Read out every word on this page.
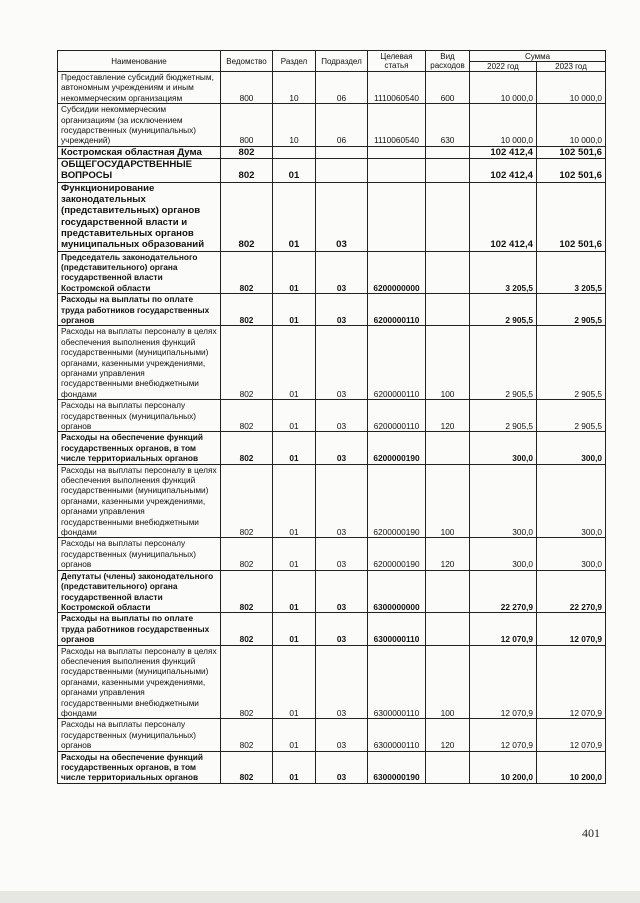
Наименование	Ведомство	Раздел	Подраздел	Целевая статья	Вид расходов	Сумма	
						2022 год	2023 год
Предоставление субсидий бюджетным, автономным учреждениям и иным некоммерческим организациям	800	10	06	1110060540	600	10 000,0	10 000,0
Субсидии некоммерческим организациям (за исключением государственных (муниципальных) учреждений)	800	10	06	1110060540	630	10 000,0	10 000,0
Костромская областная Дума	802					102 412,4	102 501,6
ОБЩЕГОСУДАРСТВЕННЫЕ ВОПРОСЫ	802	01				102 412,4	102 501,6
Функционирование законодательных (представительных) органов государственной власти и представительных органов муниципальных образований	802	01	03			102 412,4	102 501,6
Председатель законодательного (представительного) органа государственной власти Костромской области	802	01	03	6200000000		3 205,5	3 205,5
Расходы на выплаты по оплате труда работников государственных органов	802	01	03	6200000110		2 905,5	2 905,5
Расходы на выплаты персоналу в целях обеспечения выполнения функций государственными (муниципальными) органами, казенными учреждениями, органами управления государственными внебюджетными фондами	802	01	03	6200000110	100	2 905,5	2 905,5
Расходы на выплаты персоналу государственных (муниципальных) органов	802	01	03	6200000110	120	2 905,5	2 905,5
Расходы на обеспечение функций государственных органов, в том числе территориальных органов	802	01	03	6200000190		300,0	300,0
Расходы на выплаты персоналу в целях обеспечения выполнения функций государственными (муниципальными) органами, казенными учреждениями, органами управления государственными внебюджетными фондами	802	01	03	6200000190	100	300,0	300,0
Расходы на выплаты персоналу государственных (муниципальных) органов	802	01	03	6200000190	120	300,0	300,0
Депутаты (члены) законодательного (представительного) органа государственной власти Костромской области	802	01	03	6300000000		22 270,9	22 270,9
Расходы на выплаты по оплате труда работников государственных органов	802	01	03	6300000110		12 070,9	12 070,9
Расходы на выплаты персоналу в целях обеспечения выполнения функций государственными (муниципальными) органами, казенными учреждениями, органами управления государственными внебюджетными фондами	802	01	03	6300000110	100	12 070,9	12 070,9
Расходы на выплаты персоналу государственных (муниципальных) органов	802	01	03	6300000110	120	12 070,9	12 070,9
Расходы на обеспечение функций государственных органов, в том числе территориальных органов	802	01	03	6300000190		10 200,0	10 200,0
401
